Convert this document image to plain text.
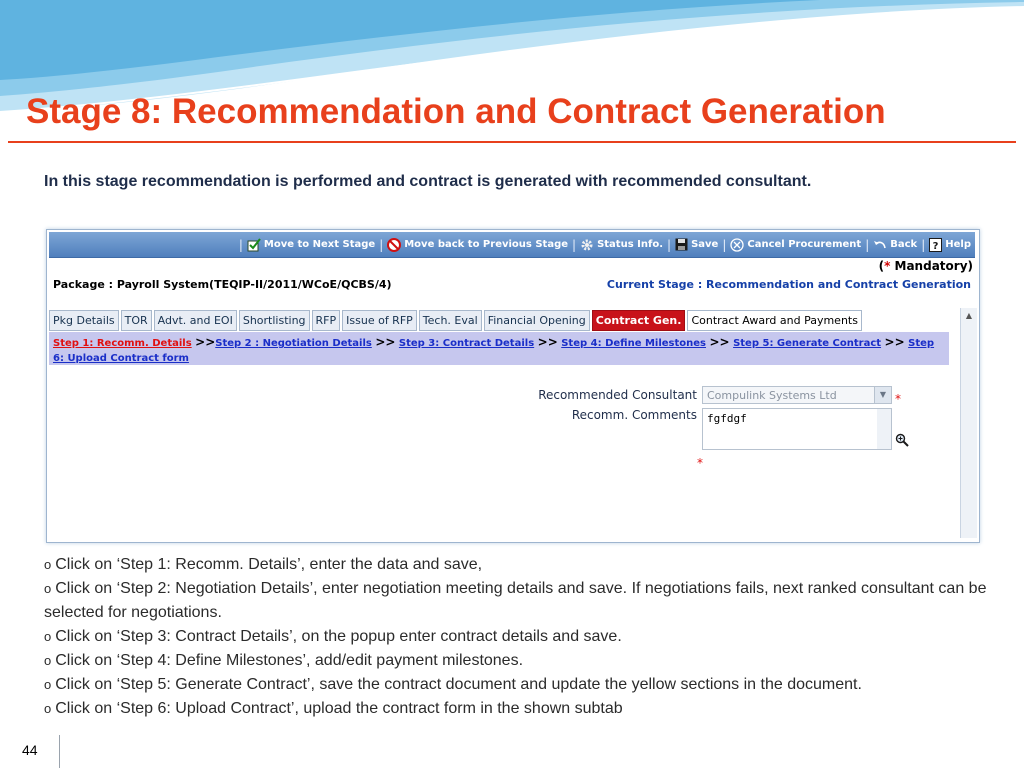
Stage 8: Recommendation and Contract Generation

In this stage recommendation is performed and contract is generated with recommended consultant.

| Move to Next Stage | Move back to Previous Stage | Status Info. | Save | Cancel Procurement | Back | ? Help
(* Mandatory)
Package : Payroll System(TEQIP-II/2011/WCoE/QCBS/4)	Current Stage : Recommendation and Contract Generation
Pkg Details TOR Advt. and EOI Shortlisting RFP Issue of RFP Tech. Eval Financial Opening Contract Gen. Contract Award and Payments	▲
Step 1: Recomm. Details >>Step 2 : Negotiation Details >> Step 3: Contract Details >> Step 4: Define Milestones >> Step 5: Generate Contract >> Step 6: Upload Contract form
Recommended Consultant Compulink Systems Ltd	▼ *
Recomm. Comments fgfdgf
*
o Click on ‘Step 1: Recomm. Details’, enter the data and save,
o Click on ‘Step 2: Negotiation Details’, enter negotiation meeting details and save. If negotiations fails, next ranked consultant can be selected for negotiations.
o Click on ‘Step 3: Contract Details’, on the popup enter contract details and save.
o Click on ‘Step 4: Define Milestones’, add/edit payment milestones.
o Click on ‘Step 5: Generate Contract’, save the contract document and update the yellow sections in the document.
o Click on ‘Step 6: Upload Contract’, upload the contract form in the shown subtab
44
